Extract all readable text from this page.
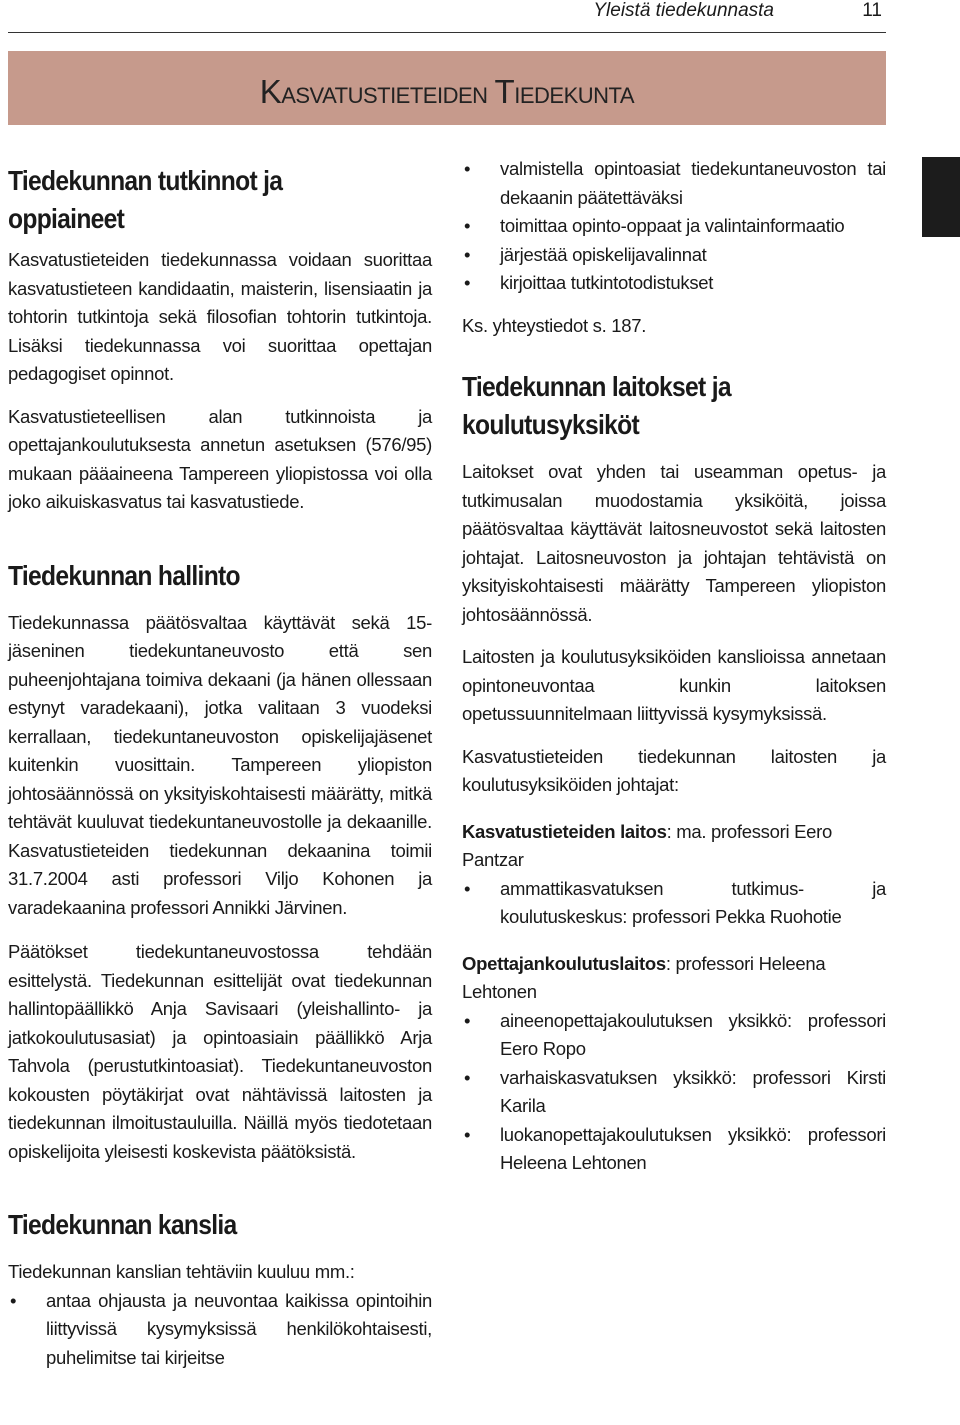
Yleistä tiedekunnasta	11
KASVATUSTIETEIDEN TIEDEKUNTA
Tiedekunnan tutkinnot ja oppiaineet

Kasvatustieteiden tiedekunnassa voidaan suorittaa kasvatustieteen kandidaatin, maisterin, lisensiaatin ja tohtorin tutkintoja sekä filosofian tohtorin tutkintoja. Lisäksi tiedekunnassa voi suorittaa opettajan pedagogiset opinnot.

Kasvatustieteellisen alan tutkinnoista ja opettajankoulutuksesta annetun asetuksen (576/95) mukaan pääaineena Tampereen yliopistossa voi olla joko aikuiskasvatus tai kasvatustiede.

Tiedekunnan hallinto

Tiedekunnassa päätösvaltaa käyttävät sekä 15-jäseninen tiedekuntaneuvosto että sen puheenjohtajana toimiva dekaani (ja hänen ollessaan estynyt varadekaani), jotka valitaan 3 vuodeksi kerrallaan, tiedekuntaneuvoston opiskelijajäsenet kuitenkin vuosittain. Tampereen yliopiston johtosäännössä on yksityiskohtaisesti määrätty, mitkä tehtävät kuuluvat tiedekuntaneuvostolle ja dekaanille. Kasvatustieteiden tiedekunnan dekaanina toimii 31.7.2004 asti professori Viljo Kohonen ja varadekaanina professori Annikki Järvinen.

Päätökset tiedekuntaneuvostossa tehdään esittelystä. Tiedekunnan esittelijät ovat tiedekunnan hallintopäällikkö Anja Savisaari (yleishallinto- ja jatkokoulutusasiat) ja opintoasiain päällikkö Arja Tahvola (perustutkintoasiat). Tiedekuntaneuvoston kokousten pöytäkirjat ovat nähtävissä laitosten ja tiedekunnan ilmoitustauluilla. Näillä myös tiedotetaan opiskelijoita yleisesti koskevista päätöksistä.

Tiedekunnan kanslia

Tiedekunnan kanslian tehtäviin kuuluu mm.:

• antaa ohjausta ja neuvontaa kaikissa opintoihin liittyvissä kysymyksissä henkilökohtaisesti, puhelimitse tai kirjeitse
• valmistella opintoasiat tiedekuntaneuvoston tai dekaanin päätettäväksi
• toimittaa opinto-oppaat ja valintainformaatio
• järjestää opiskelijavalinnat
• kirjoittaa tutkintotodistukset

Ks. yhteystiedot s. 187.

Tiedekunnan laitokset ja koulutusyksiköt

Laitokset ovat yhden tai useamman opetus- ja tutkimusalan muodostamia yksiköitä, joissa päätösvaltaa käyttävät laitosneuvostot sekä laitosten johtajat. Laitosneuvoston ja johtajan tehtävistä on yksityiskohtaisesti määrätty Tampereen yliopiston johtosäännössä.

Laitosten ja koulutusyksiköiden kanslioissa annetaan opintoneuvontaa kunkin laitoksen opetussuunnitelmaan liittyvissä kysymyksissä.

Kasvatustieteiden tiedekunnan laitosten ja koulutusyksiköiden johtajat:

Kasvatustieteiden laitos: ma. professori Eero Pantzar

• ammattikasvatuksen tutkimus- ja koulutuskeskus: professori Pekka Ruohotie

Opettajankoulutuslaitos: professori Heleena Lehtonen

• aineenopettajakoulutuksen yksikkö: professori Eero Ropo
• varhaiskasvatuksen yksikkö: professori Kirsti Karila
• luokanopettajakoulutuksen yksikkö: professori Heleena Lehtonen
